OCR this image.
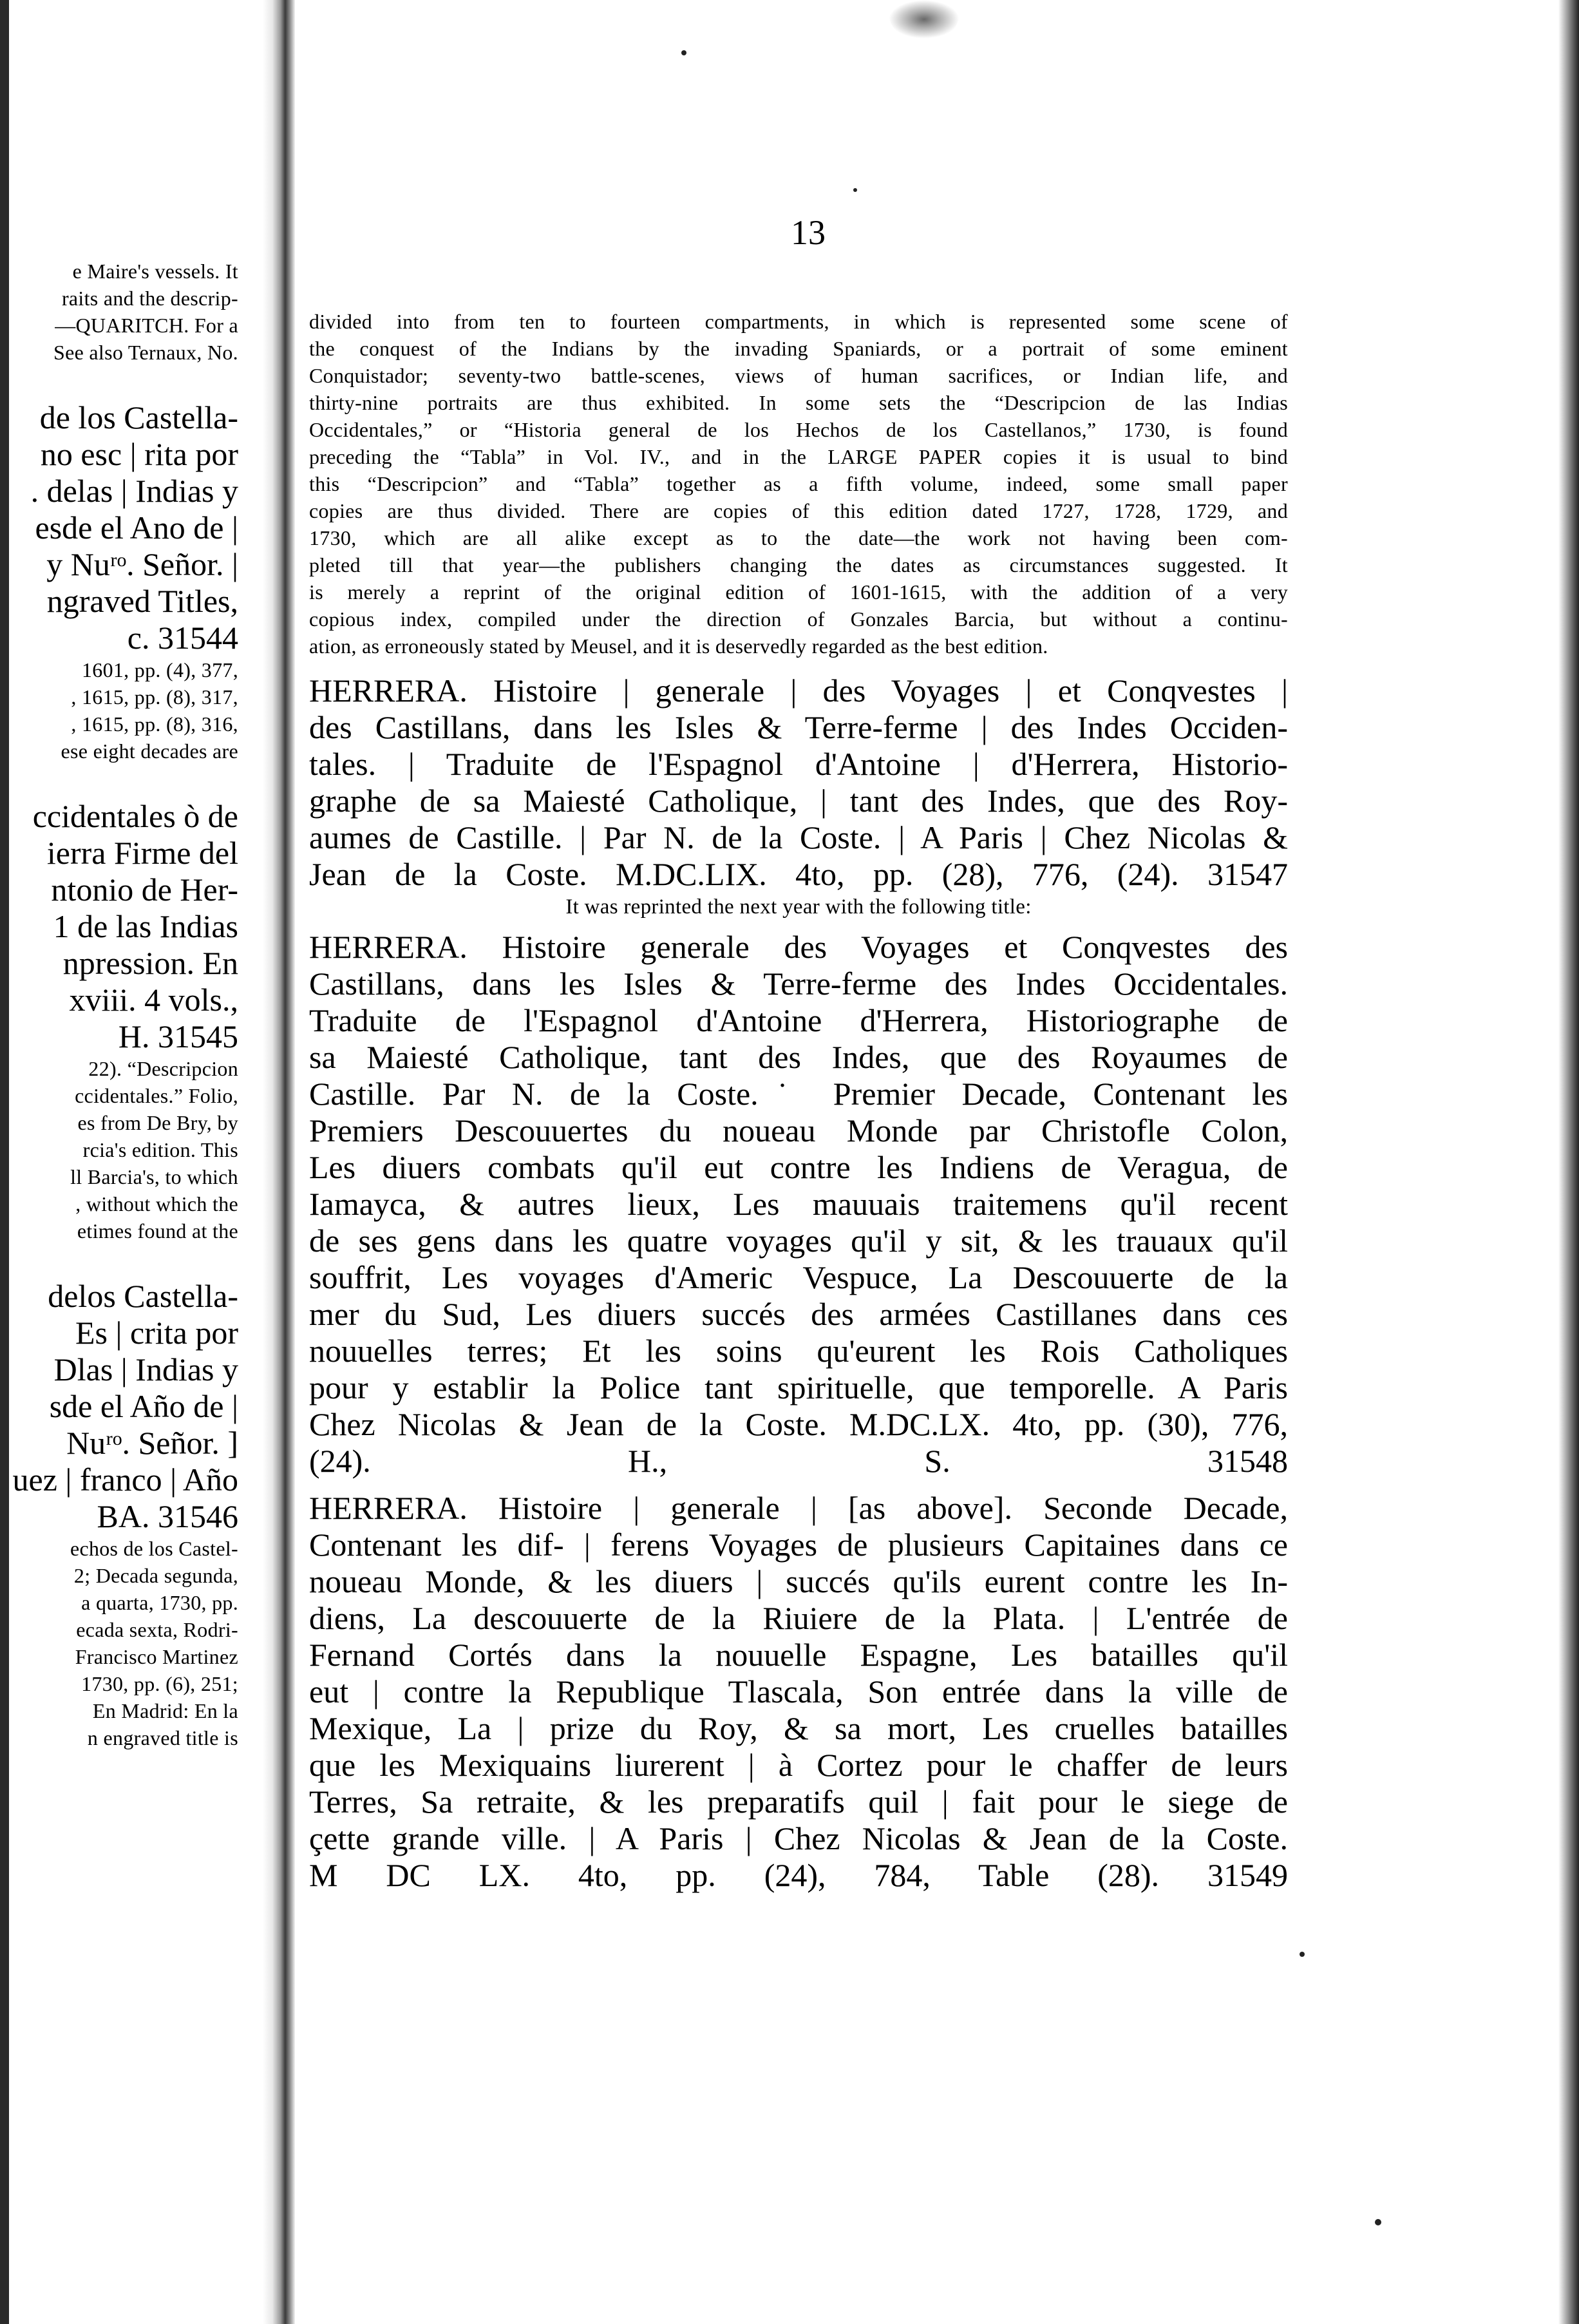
13
e Maire's vessels. It
raits and the descrip-
—QUARITCH. For a
See also Ternaux, No.
de los Castella-
no esc | rita por
. delas | Indias y
esde el Ano de |
y Nuʳᵒ. Señor. |
ngraved Titles,
c. 31544
1601, pp. (4), 377,
, 1615, pp. (8), 317,
, 1615, pp. (8), 316,
ese eight decades are
ccidentales ò de
ierra Firme del
ntonio de Her-
1 de las Indias
npression. En
xviii. 4 vols.,
H. 31545
22). “Descripcion
ccidentales.” Folio,
es from De Bry, by
rcia's edition. This
ll Barcia's, to which
, without which the
etimes found at the
delos Castella-
Es | crita por
Dlas | Indias y
sde el Año de |
Nuʳᵒ. Señor. ]
uez | franco | Año
BA. 31546
echos de los Castel-
2; Decada segunda,
a quarta, 1730, pp.
ecada sexta, Rodri-
Francisco Martinez
1730, pp. (6), 251;
En Madrid: En la
n engraved title is
divided into from ten to fourteen compartments, in which is represented some scene of
the conquest of the Indians by the invading Spaniards, or a portrait of some eminent
Conquistador; seventy-two battle-scenes, views of human sacrifices, or Indian life, and
thirty-nine portraits are thus exhibited. In some sets the “Descripcion de las Indias
Occidentales,” or “Historia general de los Hechos de los Castellanos,” 1730, is found
preceding the “Tabla” in Vol. IV., and in the LARGE PAPER copies it is usual to bind
this “Descripcion” and “Tabla” together as a fifth volume, indeed, some small paper
copies are thus divided. There are copies of this edition dated 1727, 1728, 1729, and
1730, which are all alike except as to the date—the work not having been com-
pleted till that year—the publishers changing the dates as circumstances suggested. It
is merely a reprint of the original edition of 1601-1615, with the addition of a very
copious index, compiled under the direction of Gonzales Barcia, but without a continu-
ation, as erroneously stated by Meusel, and it is deservedly regarded as the best edition.
HERRERA. Histoire | generale | des Voyages | et Conqvestes |
des Castillans, dans les Isles & Terre-ferme | des Indes Occiden-
tales. | Traduite de l'Espagnol d'Antoine | d'Herrera, Historio-
graphe de sa Maiesté Catholique, | tant des Indes, que des Roy-
aumes de Castille. | Par N. de la Coste. | A Paris | Chez Nicolas &
Jean de la Coste. M.DC.LIX. 4to, pp. (28), 776, (24). 31547
It was reprinted the next year with the following title:
HERRERA. Histoire generale des Voyages et Conqvestes des
Castillans, dans les Isles & Terre-ferme des Indes Occidentales.
Traduite de l'Espagnol d'Antoine d'Herrera, Historiographe de
sa Maiesté Catholique, tant des Indes, que des Royaumes de
Castille. Par N. de la Coste.˙ Premier Decade, Contenant les
Premiers Descouuertes du noueau Monde par Christofle Colon,
Les diuers combats qu'il eut contre les Indiens de Veragua, de
Iamayca, & autres lieux, Les mauuais traitemens qu'il recent
de ses gens dans les quatre voyages qu'il y sit, & les trauaux qu'il
souffrit, Les voyages d'Americ Vespuce, La Descouuerte de la
mer du Sud, Les diuers succés des armées Castillanes dans ces
nouuelles terres; Et les soins qu'eurent les Rois Catholiques
pour y establir la Police tant spirituelle, que temporelle. A Paris
Chez Nicolas & Jean de la Coste. M.DC.LX. 4to, pp. (30), 776,
(24). H., S. 31548
HERRERA. Histoire | generale | [as above]. Seconde Decade,
Contenant les dif- | ferens Voyages de plusieurs Capitaines dans ce
noueau Monde, & les diuers | succés qu'ils eurent contre les In-
diens, La descouuerte de la Riuiere de la Plata. | L'entrée de
Fernand Cortés dans la nouuelle Espagne, Les batailles qu'il
eut | contre la Republique Tlascala, Son entrée dans la ville de
Mexique, La | prize du Roy, & sa mort, Les cruelles batailles
que les Mexiquains liurerent | à Cortez pour le chaffer de leurs
Terres, Sa retraite, & les preparatifs quil | fait pour le siege de
çette grande ville. | A Paris | Chez Nicolas & Jean de la Coste.
M DC LX. 4to, pp. (24), 784, Table (28). 31549
